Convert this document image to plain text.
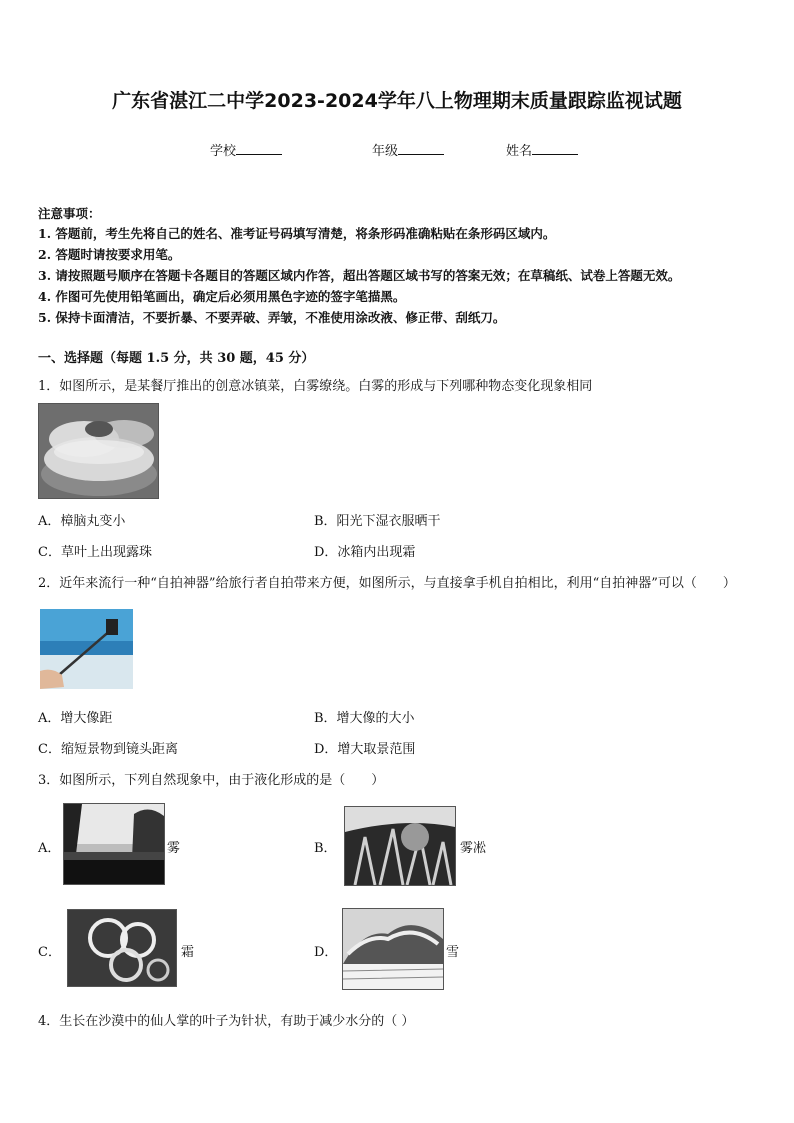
广东省湛江二中学2023-2024学年八上物理期末质量跟踪监视试题
学校	年级	姓名
注意事项：
1. 答题前，考生先将自己的姓名、准考证号码填写清楚，将条形码准确粘贴在条形码区域内。
2. 答题时请按要求用笔。
3. 请按照题号顺序在答题卡各题目的答题区域内作答，超出答题区域书写的答案无效；在草稿纸、试卷上答题无效。
4. 作图可先使用铅笔画出，确定后必须用黑色字迹的签字笔描黑。
5. 保持卡面清洁，不要折暴、不要弄破、弄皱，不准使用涂改液、修正带、刮纸刀。
一、选择题（每题 1.5 分，共 30 题，45 分）
1．如图所示，是某餐厅推出的创意冰镇菜，白雾缭绕。白雾的形成与下列哪种物态变化现象相同
A．樟脑丸变小	B．阳光下湿衣服晒干
C．草叶上出现露珠	D．冰箱内出现霜
2．近年来流行一种“自拍神器”给旅行者自拍带来方便，如图所示，与直接拿手机自拍相比，利用“自拍神器”可以（　　）
A．增大像距	B．增大像的大小
C．缩短景物到镜头距离	D．增大取景范围
3．如图所示，下列自然现象中，由于液化形成的是（　　）
A．	雾	B．	雾凇
C．	霜	D．	雪
4．生长在沙漠中的仙人掌的叶子为针状，有助于减少水分的（ ）
